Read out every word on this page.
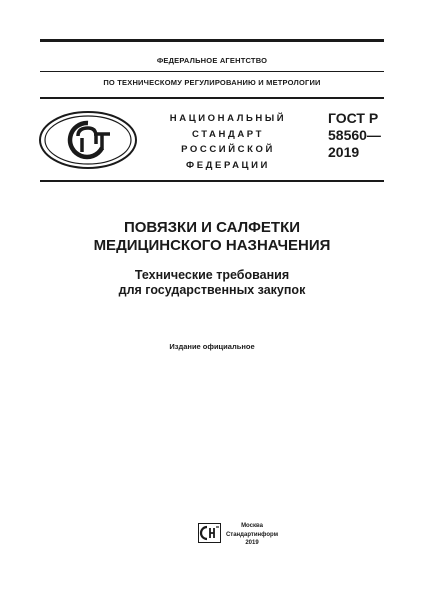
ФЕДЕРАЛЬНОЕ АГЕНТСТВО
ПО ТЕХНИЧЕСКОМУ РЕГУЛИРОВАНИЮ И МЕТРОЛОГИИ
НАЦИОНАЛЬНЫЙ
СТАНДАРТ
РОССИЙСКОЙ
ФЕДЕРАЦИИ
ГОСТ Р
58560—
2019
ПОВЯЗКИ И САЛФЕТКИ
МЕДИЦИНСКОГО НАЗНАЧЕНИЯ
Технические требования
для государственных закупок
Издание официальное
Москва
Стандартинформ
2019
